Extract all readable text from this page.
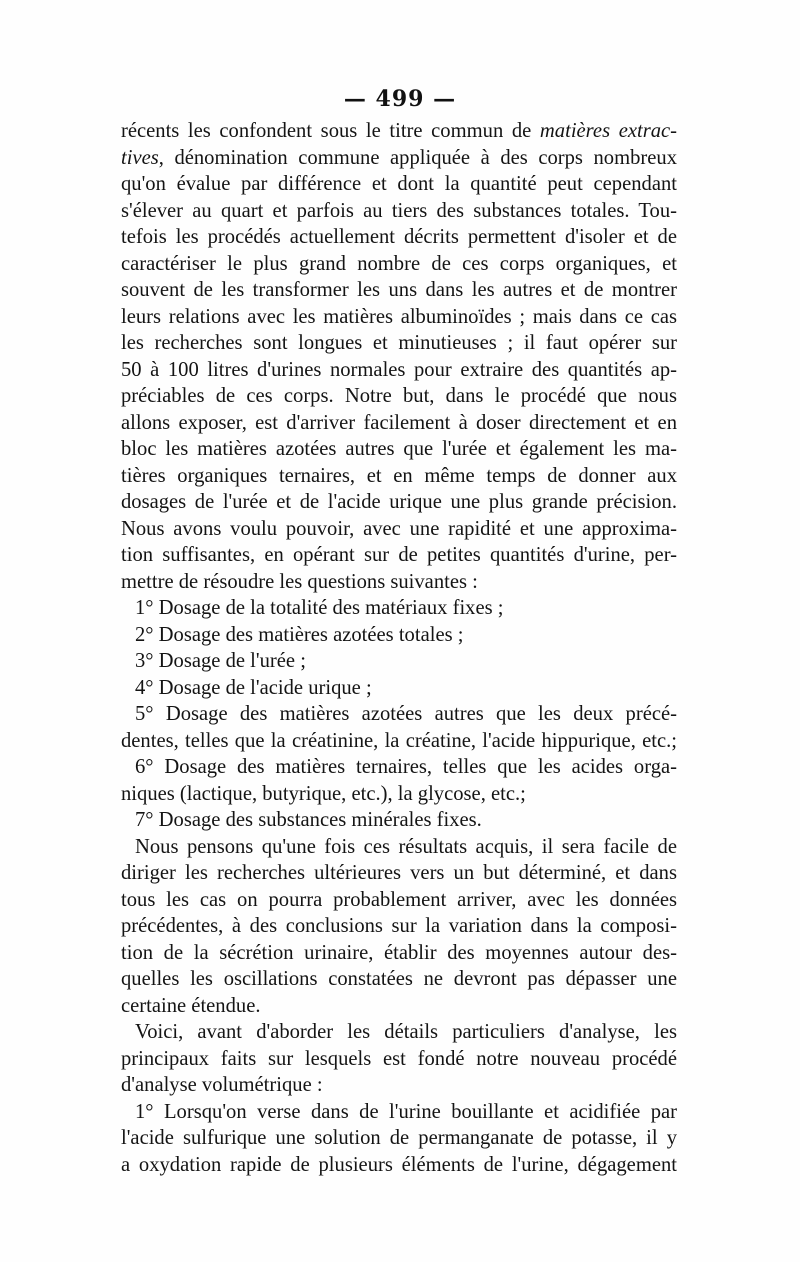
— 499 —
récents les confondent sous le titre commun de matières extrac-
tives, dénomination commune appliquée à des corps nombreux
qu'on évalue par différence et dont la quantité peut cependant
s'élever au quart et parfois au tiers des substances totales. Tou-
tefois les procédés actuellement décrits permettent d'isoler et de
caractériser le plus grand nombre de ces corps organiques, et
souvent de les transformer les uns dans les autres et de montrer
leurs relations avec les matières albuminoïdes ; mais dans ce cas
les recherches sont longues et minutieuses ; il faut opérer sur
50 à 100 litres d'urines normales pour extraire des quantités ap-
préciables de ces corps. Notre but, dans le procédé que nous
allons exposer, est d'arriver facilement à doser directement et en
bloc les matières azotées autres que l'urée et également les ma-
tières organiques ternaires, et en même temps de donner aux
dosages de l'urée et de l'acide urique une plus grande précision.
Nous avons voulu pouvoir, avec une rapidité et une approxima-
tion suffisantes, en opérant sur de petites quantités d'urine, per-
mettre de résoudre les questions suivantes :
1° Dosage de la totalité des matériaux fixes ;
2° Dosage des matières azotées totales ;
3° Dosage de l'urée ;
4° Dosage de l'acide urique ;
5° Dosage des matières azotées autres que les deux précé-
dentes, telles que la créatinine, la créatine, l'acide hippurique, etc.;
6° Dosage des matières ternaires, telles que les acides orga-
niques (lactique, butyrique, etc.), la glycose, etc.;
7° Dosage des substances minérales fixes.
Nous pensons qu'une fois ces résultats acquis, il sera facile de
diriger les recherches ultérieures vers un but déterminé, et dans
tous les cas on pourra probablement arriver, avec les données
précédentes, à des conclusions sur la variation dans la composi-
tion de la sécrétion urinaire, établir des moyennes autour des-
quelles les oscillations constatées ne devront pas dépasser une
certaine étendue.
Voici, avant d'aborder les détails particuliers d'analyse, les
principaux faits sur lesquels est fondé notre nouveau procédé
d'analyse volumétrique :
1° Lorsqu'on verse dans de l'urine bouillante et acidifiée par
l'acide sulfurique une solution de permanganate de potasse, il y
a oxydation rapide de plusieurs éléments de l'urine, dégagement
